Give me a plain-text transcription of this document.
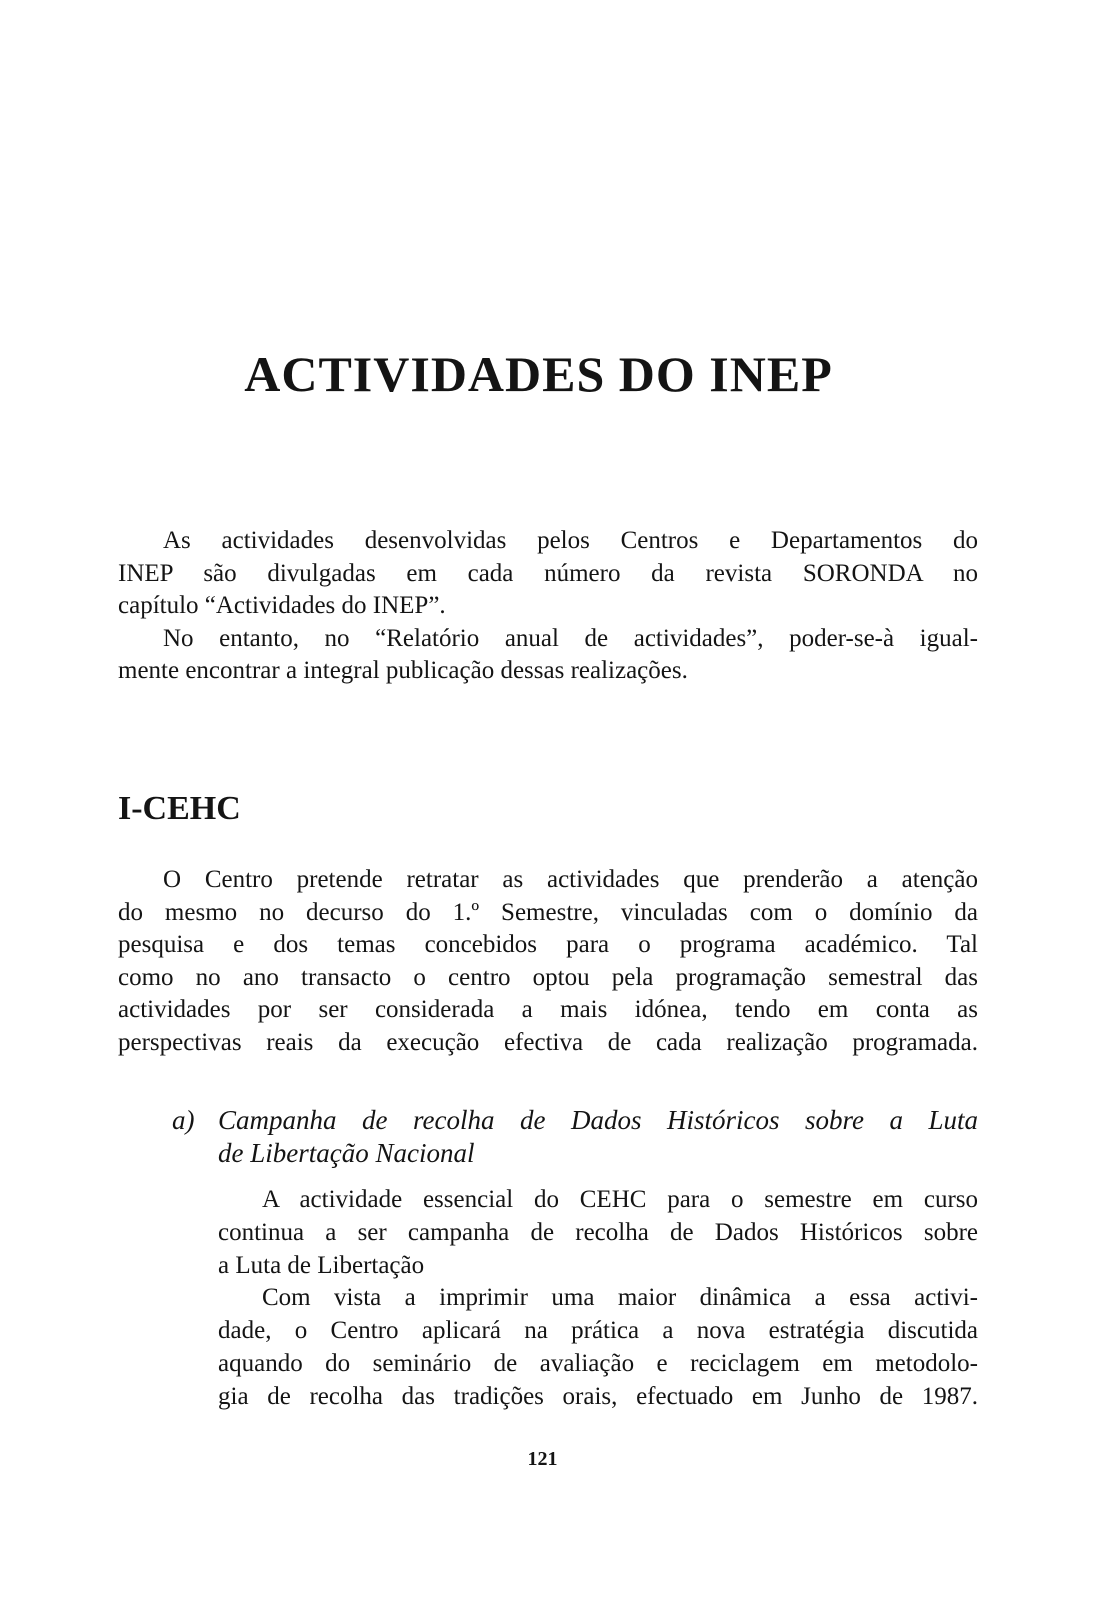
ACTIVIDADES DO INEP
As actividades desenvolvidas pelos Centros e Departamentos do
INEP são divulgadas em cada número da revista SORONDA no
capítulo “Actividades do INEP”.
No entanto, no “Relatório anual de actividades”, poder-se-à igual-
mente encontrar a integral publicação dessas realizações.
I-CEHC
O Centro pretende retratar as actividades que prenderão a atenção
do mesmo no decurso do 1.º Semestre, vinculadas com o domínio da
pesquisa e dos temas concebidos para o programa académico. Tal
como no ano transacto o centro optou pela programação semestral das
actividades por ser considerada a mais idónea, tendo em conta as
perspectivas reais da execução efectiva de cada realização programada.
a) Campanha de recolha de Dados Históricos sobre a Luta
de Libertação Nacional
A actividade essencial do CEHC para o semestre em curso
continua a ser campanha de recolha de Dados Históricos sobre
a Luta de Libertação
Com vista a imprimir uma maior dinâmica a essa activi-
dade, o Centro aplicará na prática a nova estratégia discutida
aquando do seminário de avaliação e reciclagem em metodolo-
gia de recolha das tradições orais, efectuado em Junho de 1987.
121
